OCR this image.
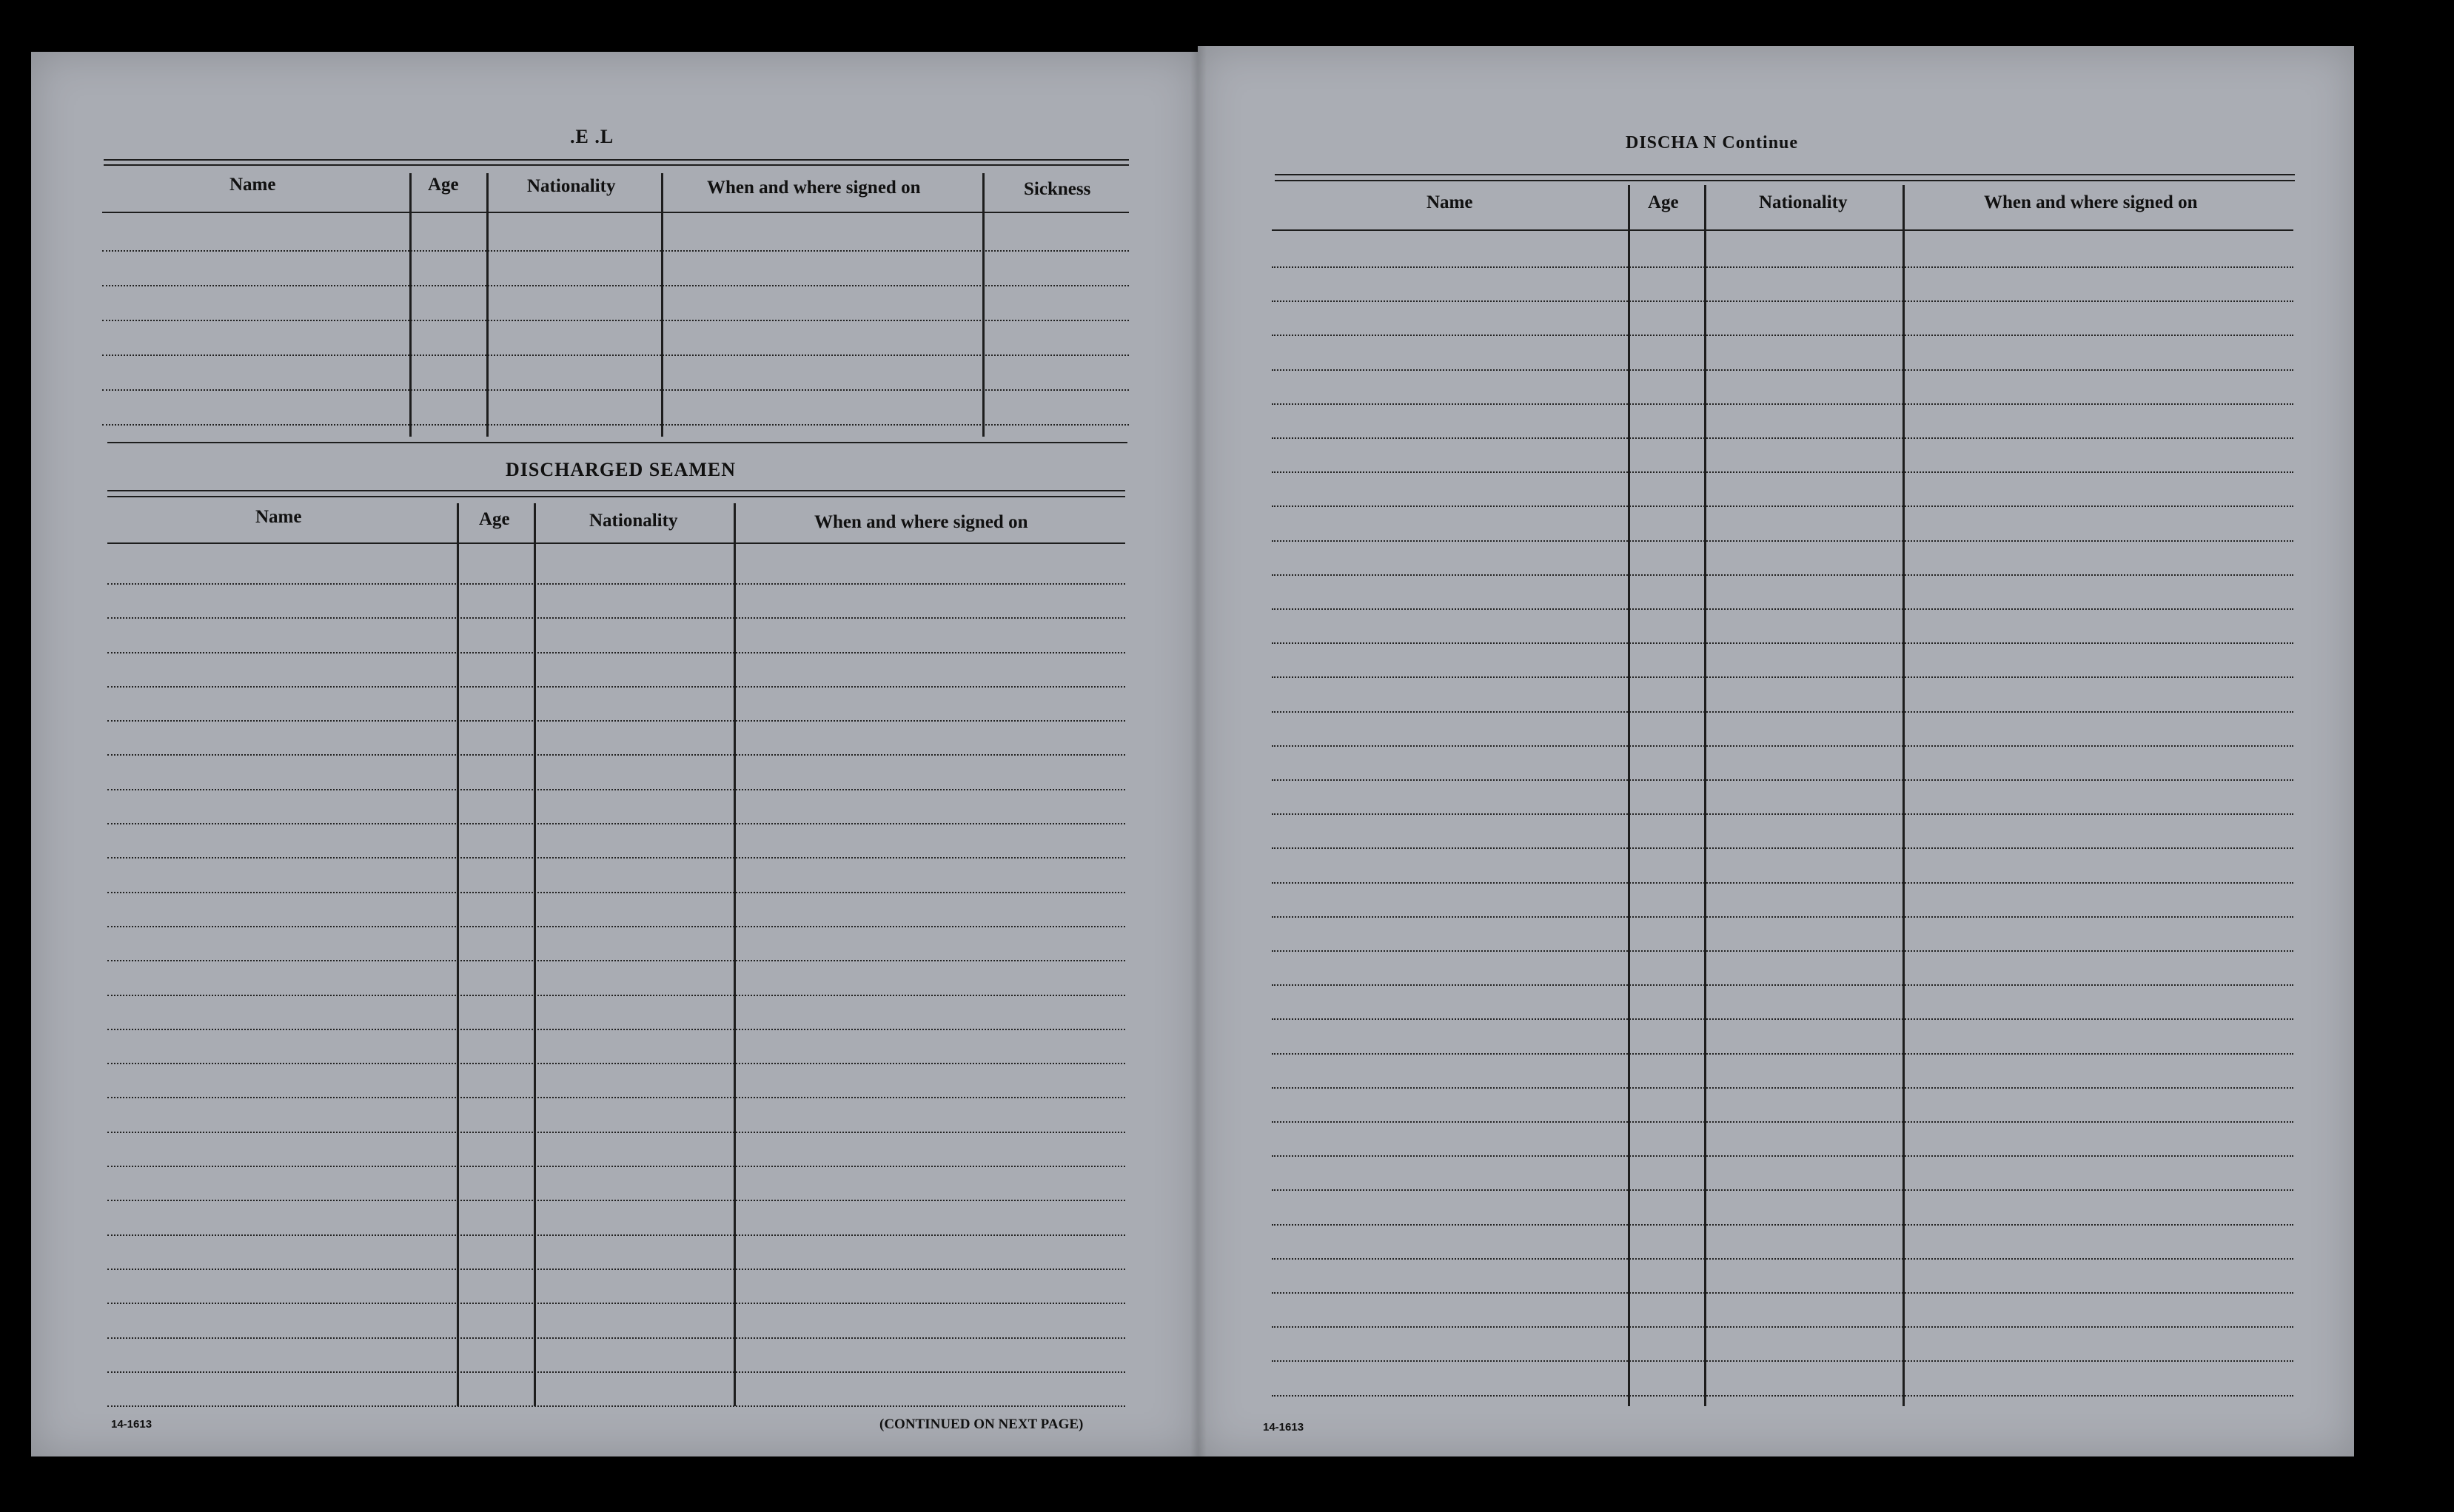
.E .L
Name	Age	Nationality	When and where signed on	Sickness
DISCHARGED SEAMEN
Name	Age	Nationality	When and where signed on
14-1613	(CONTINUED ON NEXT PAGE)
DISCHA N Continue
Name	Age	Nationality	When and where signed on
14-1613
